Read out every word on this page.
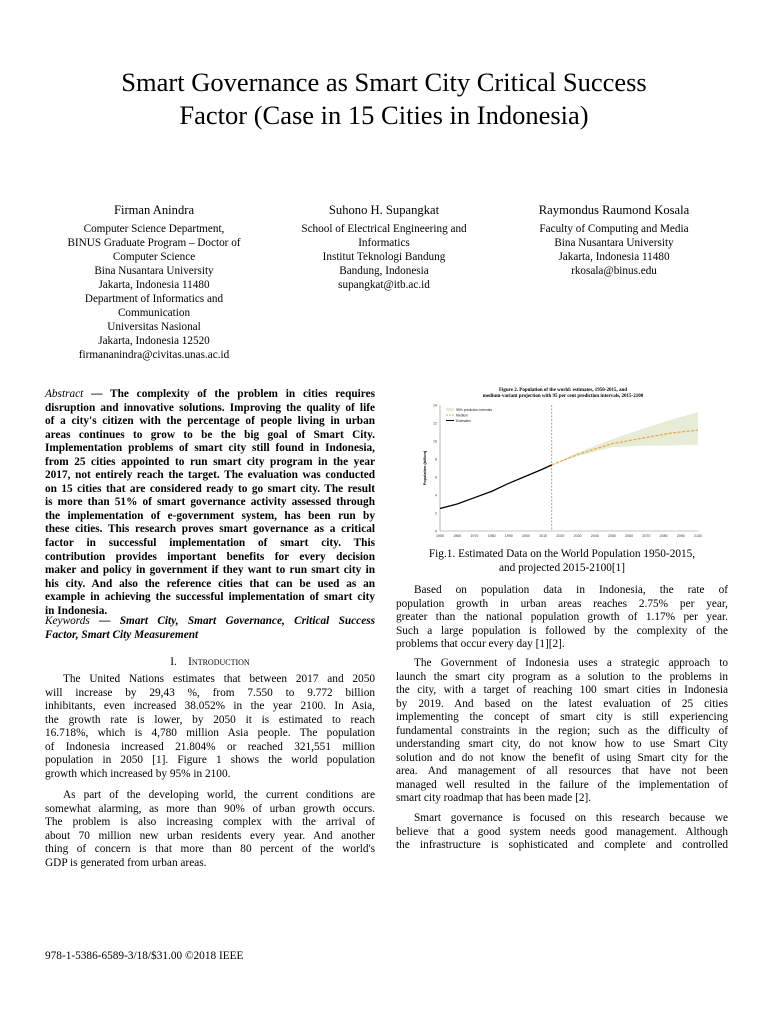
Smart Governance as Smart City Critical Success
Factor (Case in 15 Cities in Indonesia)
Firman Anindra
Computer Science Department,
BINUS Graduate Program – Doctor of
Computer Science
Bina Nusantara University
Jakarta, Indonesia 11480
Department of Informatics and
Communication
Universitas Nasional
Jakarta, Indonesia 12520
firmananindra@civitas.unas.ac.id
Suhono H. Supangkat
School of Electrical Engineering and
Informatics
Institut Teknologi Bandung
Bandung, Indonesia
supangkat@itb.ac.id
Raymondus Raumond Kosala
Faculty of Computing and Media
Bina Nusantara University
Jakarta, Indonesia 11480
rkosala@binus.edu
Abstract — The complexity of the problem in cities requires
disruption and innovative solutions. Improving the quality of life
of a city's citizen with the percentage of people living in urban
areas continues to grow to be the big goal of Smart City.
Implementation problems of smart city still found in Indonesia,
from 25 cities appointed to run smart city program in the year
2017, not entirely reach the target. The evaluation was conducted
on 15 cities that are considered ready to go smart city. The result
is more than 51% of smart governance activity assessed through
the implementation of e-government system, has been run by
these cities. This research proves smart governance as a critical
factor in successful implementation of smart city. This
contribution provides important benefits for every decision
maker and policy in government if they want to run smart city in
his city. And also the reference cities that can be used as an
example in achieving the successful implementation of smart city
in Indonesia.
Keywords — Smart City, Smart Governance, Critical Success
Factor, Smart City Measurement
I. Introduction
The United Nations estimates that between 2017 and 2050
will increase by 29,43 %, from 7.550 to 9.772 billion
inhibitants, even increased 38.052% in the year 2100. In Asia,
the growth rate is lower, by 2050 it is estimated to reach
16.718%, which is 4,780 million Asia people. The population
of Indonesia increased 21.804% or reached 321,551 million
population in 2050 [1]. Figure 1 shows the world population
growth which increased by 95% in 2100.
As part of the developing world, the current conditions are
somewhat alarming, as more than 90% of urban growth occurs.
The problem is also increasing complex with the arrival of
about 70 million new urban residents every year. And another
thing of concern is that more than 80 percent of the world's
GDP is generated from urban areas.
Figure 2. Population of the world: estimates, 1950-2015, and
medium-variant projection with 95 per cent prediction intervals, 2015-2100
1950	1960	1970	1980	1990	2000	2010	2020	2030	2040	2050	2060	2070	2080	2090	2100
0
2
4
6
8
10
12
14
Population (billion)
95% prediction intervals
Medium
Estimates
Fig.1. Estimated Data on the World Population 1950-2015,
and projected 2015-2100[1]
Based on population data in Indonesia, the rate of
population growth in urban areas reaches 2.75% per year,
greater than the national population growth of 1.17% per year.
Such a large population is followed by the complexity of the
problems that occur every day [1][2].
The Government of Indonesia uses a strategic approach to
launch the smart city program as a solution to the problems in
the city, with a target of reaching 100 smart cities in Indonesia
by 2019. And based on the latest evaluation of 25 cities
implementing the concept of smart city is still experiencing
fundamental constraints in the region; such as the difficulty of
understanding smart city, do not know how to use Smart City
solution and do not know the benefit of using Smart city for the
area. And management of all resources that have not been
managed well resulted in the failure of the implementation of
smart city roadmap that has been made [2].
Smart governance is focused on this research because we
believe that a good system needs good management. Although
the infrastructure is sophisticated and complete and controlled
978-1-5386-6589-3/18/$31.00 ©2018 IEEE
